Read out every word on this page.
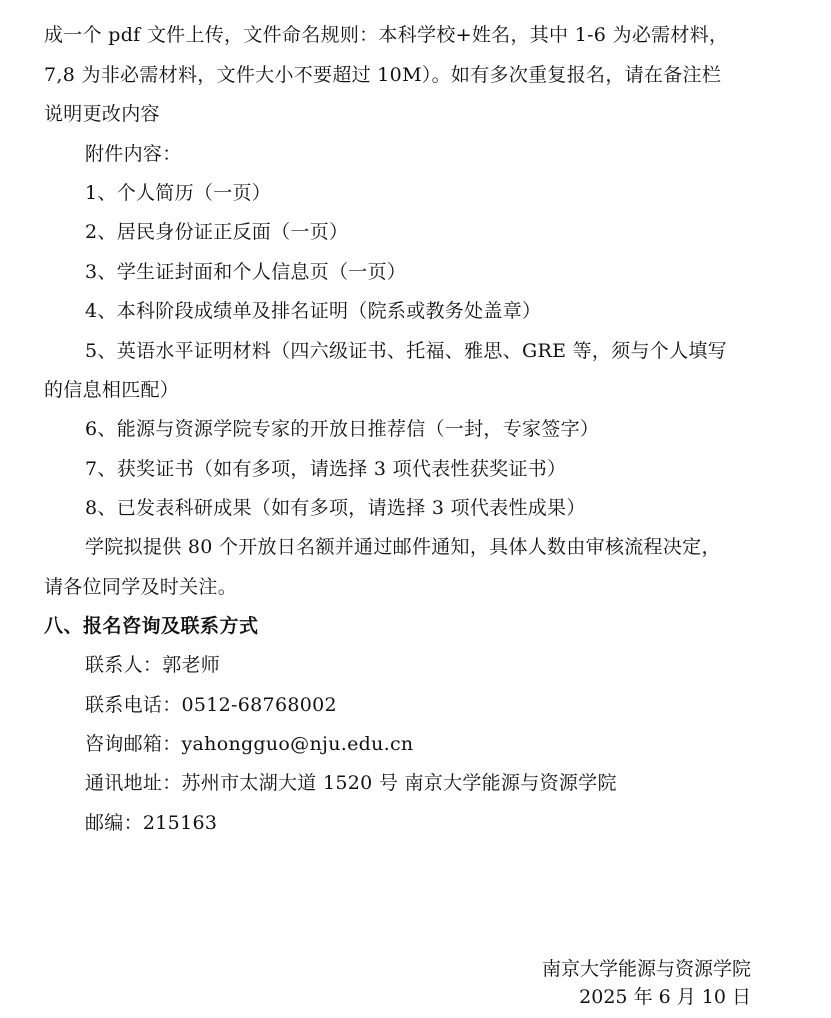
成一个 pdf 文件上传，文件命名规则：本科学校+姓名，其中 1-6 为必需材料，
7,8 为非必需材料，文件大小不要超过 10M）。如有多次重复报名，请在备注栏
说明更改内容
附件内容：
1、个人简历（一页）
2、居民身份证正反面（一页）
3、学生证封面和个人信息页（一页）
4、本科阶段成绩单及排名证明（院系或教务处盖章）
5、英语水平证明材料（四六级证书、托福、雅思、GRE 等，须与个人填写
的信息相匹配）
6、能源与资源学院专家的开放日推荐信（一封，专家签字）
7、获奖证书（如有多项，请选择 3 项代表性获奖证书）
8、已发表科研成果（如有多项，请选择 3 项代表性成果）
学院拟提供 80 个开放日名额并通过邮件通知，具体人数由审核流程决定，
请各位同学及时关注。
八、报名咨询及联系方式
联系人：郭老师
联系电话：0512-68768002
咨询邮箱：yahongguo@nju.edu.cn
通讯地址：苏州市太湖大道 1520 号 南京大学能源与资源学院
邮编：215163
南京大学能源与资源学院
2025 年 6 月 10 日
